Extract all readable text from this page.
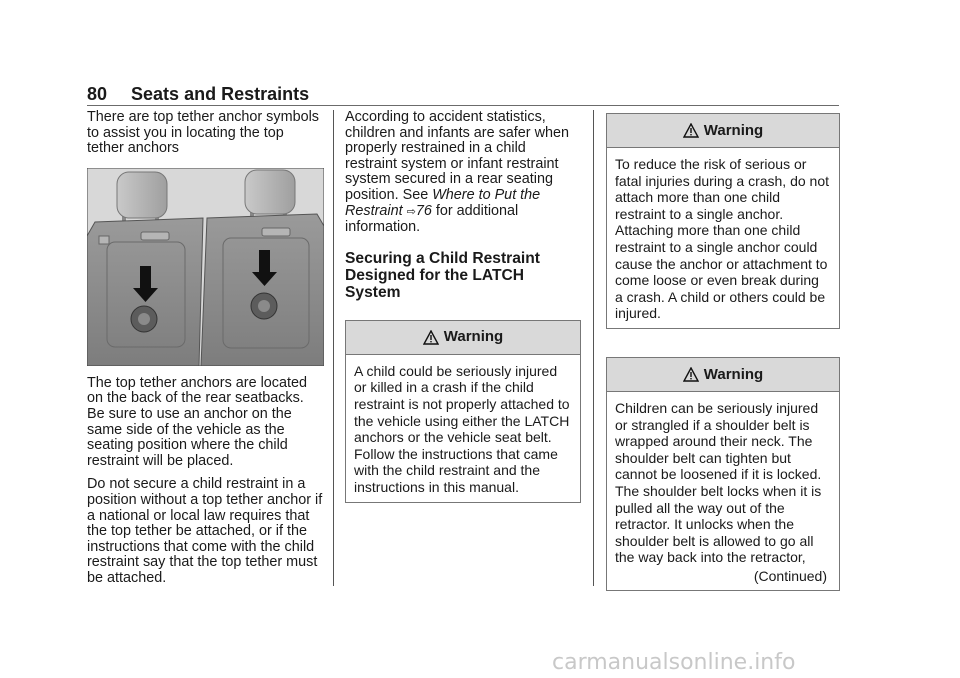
80 Seats and Restraints

There are top tether anchor symbols to assist you in locating the top tether anchors

The top tether anchors are located on the back of the rear seatbacks. Be sure to use an anchor on the same side of the vehicle as the seating position where the child restraint will be placed.

Do not secure a child restraint in a position without a top tether anchor if a national or local law requires that the top tether be attached, or if the instructions that come with the child restraint say that the top tether must be attached.

According to accident statistics, children and infants are safer when properly restrained in a child restraint system or infant restraint system secured in a rear seating position. See Where to Put the Restraint ⇨76 for additional information.

Securing a Child Restraint Designed for the LATCH System
Warning
A child could be seriously injured or killed in a crash if the child restraint is not properly attached to the vehicle using either the LATCH anchors or the vehicle seat belt. Follow the instructions that came with the child restraint and the instructions in this manual.
Warning
To reduce the risk of serious or fatal injuries during a crash, do not attach more than one child restraint to a single anchor. Attaching more than one child restraint to a single anchor could cause the anchor or attachment to come loose or even break during a crash. A child or others could be injured.
Warning
Children can be seriously injured or strangled if a shoulder belt is wrapped around their neck. The shoulder belt can tighten but cannot be loosened if it is locked. The shoulder belt locks when it is pulled all the way out of the retractor. It unlocks when the shoulder belt is allowed to go all the way back into the retractor,
(Continued)
carmanualsonline.info
